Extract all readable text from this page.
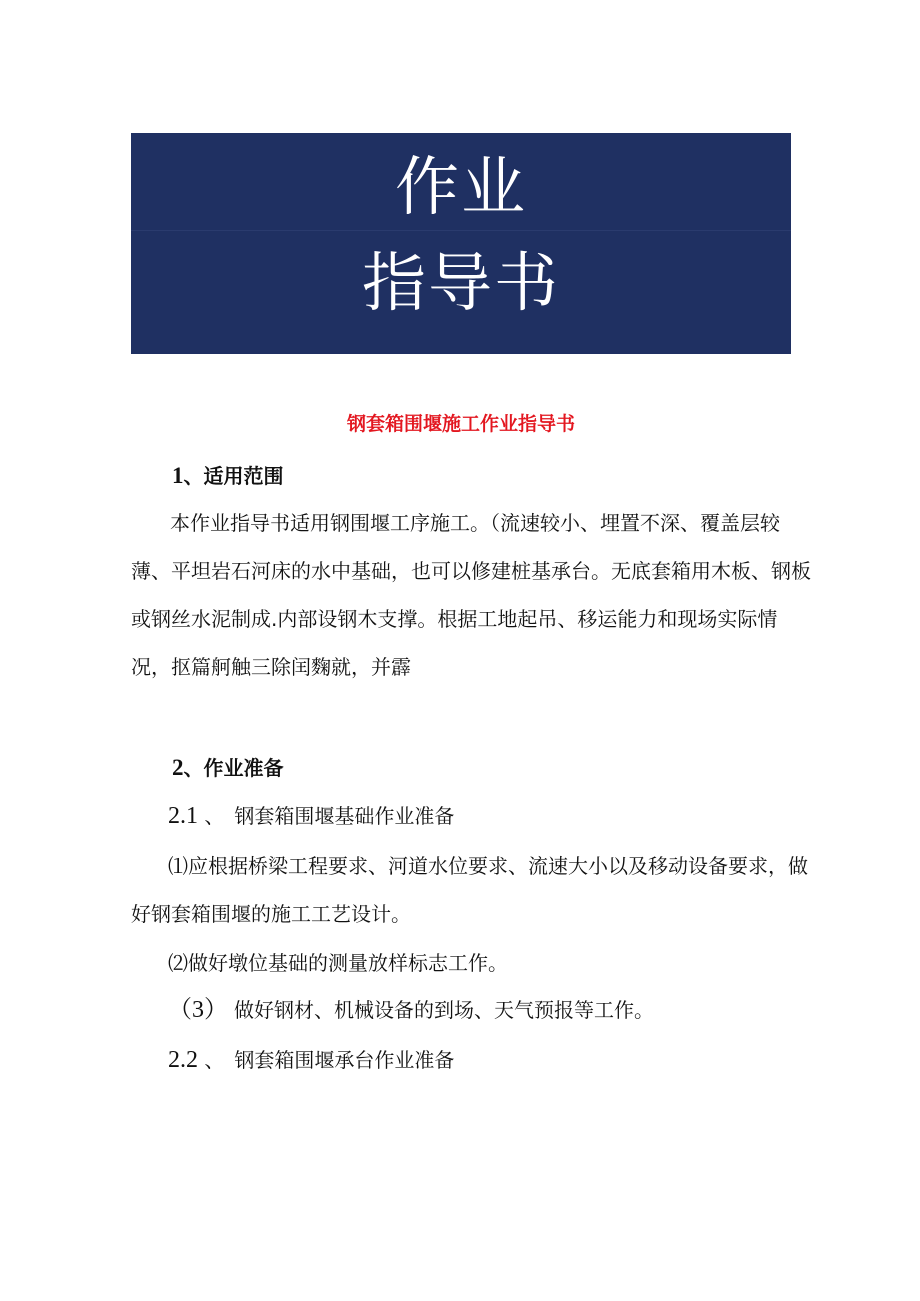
作业
指导书
钢套箱围堰施工作业指导书
1、适用范围

本作业指导书适用钢围堰工序施工。（流速较小、埋置不深、覆盖层较薄、平坦岩石河床的水中基础，也可以修建桩基承台。无底套箱用木板、钢板或钢丝水泥制成.内部设钢木支撑。根据工地起吊、移运能力和现场实际情况，抠篇舸触三除闰麴就，并霹

2、作业准备
2.1 、 钢套箱围堰基础作业准备

⑴应根据桥梁工程要求、河道水位要求、流速大小以及移动设备要求，做好钢套箱围堰的施工工艺设计。

⑵做好墩位基础的测量放样标志工作。

（3） 做好钢材、机械设备的到场、天气预报等工作。

2.2 、 钢套箱围堰承台作业准备
